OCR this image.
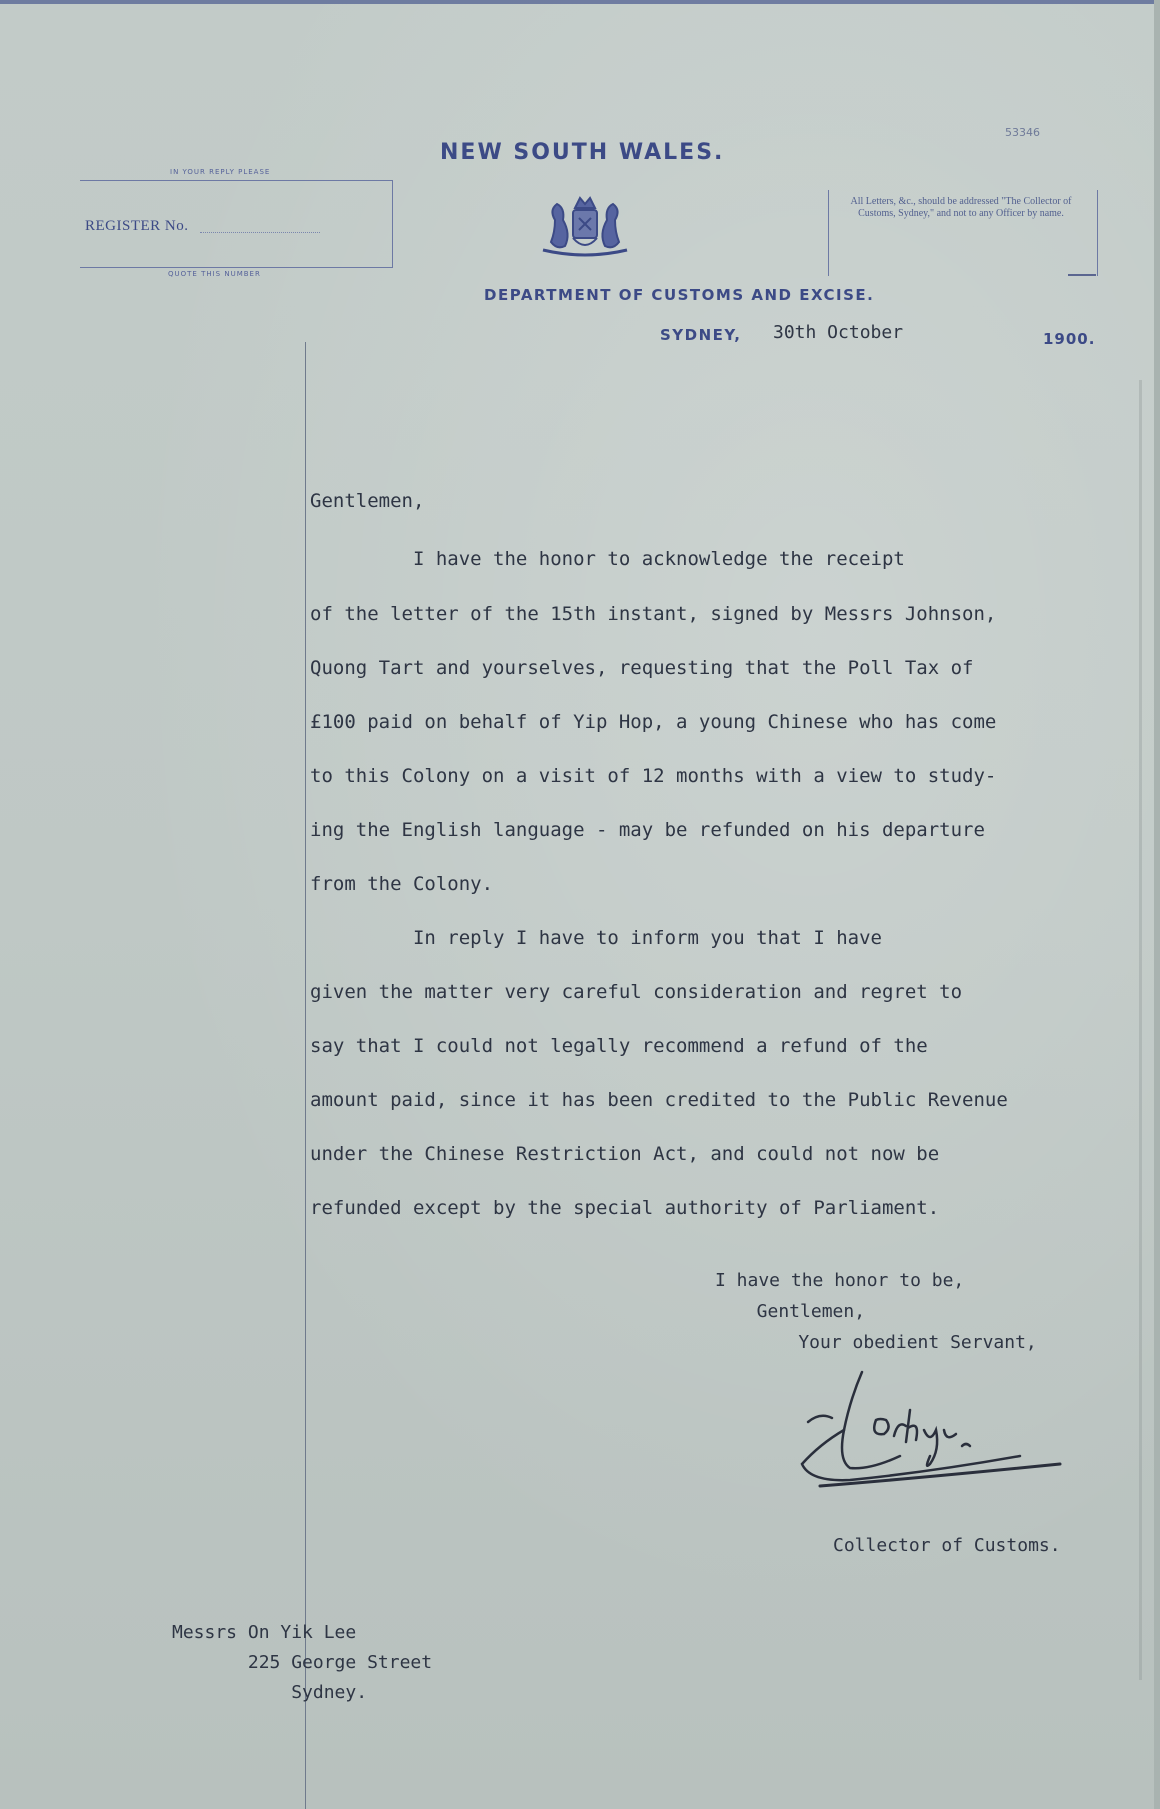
53346
IN YOUR REPLY PLEASE
REGISTER No.
QUOTE THIS NUMBER
NEW SOUTH WALES.
All Letters, &c., should be addressed "The Collector of Customs, Sydney," and not to any Officer by name.
DEPARTMENT OF CUSTOMS AND EXCISE.
SYDNEY, 30th October	1900.
Gentlemen,
I have the honor to acknowledge the receipt
of the letter of the 15th instant, signed by Messrs Johnson,
Quong Tart and yourselves, requesting that the Poll Tax of
£100 paid on behalf of Yip Hop, a young Chinese who has come
to this Colony on a visit of 12 months with a view to study-
ing the English language - may be refunded on his departure
from the Colony.
In reply I have to inform you that I have
given the matter very careful consideration and regret to
say that I could not legally recommend a refund of the
amount paid, since it has been credited to the Public Revenue
under the Chinese Restriction Act, and could not now be
refunded except by the special authority of Parliament.
I have the honor to be,
Gentlemen,
Your obedient Servant,
Collector of Customs.
Messrs On Yik Lee
225 George Street
Sydney.
